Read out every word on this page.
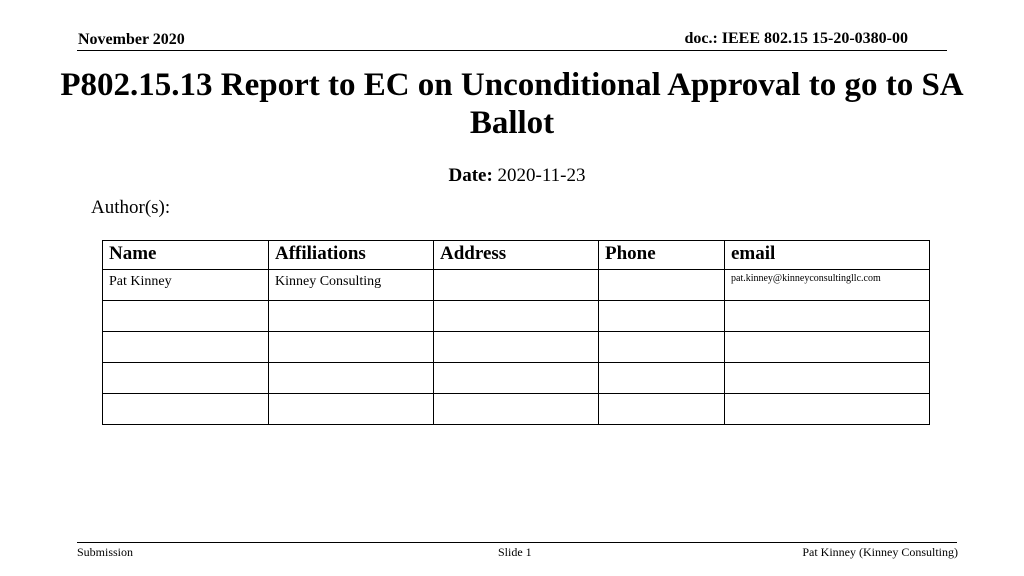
November 2020	doc.: IEEE 802.15 15-20-0380-00
P802.15.13 Report to EC on Unconditional Approval to go to SA Ballot
Date: 2020-11-23
Author(s):
Name	Affiliations	Address	Phone	email
Pat Kinney	Kinney Consulting			pat.kinney@kinneyconsultingllc.com

Submission	Slide 1	Pat Kinney (Kinney Consulting)
